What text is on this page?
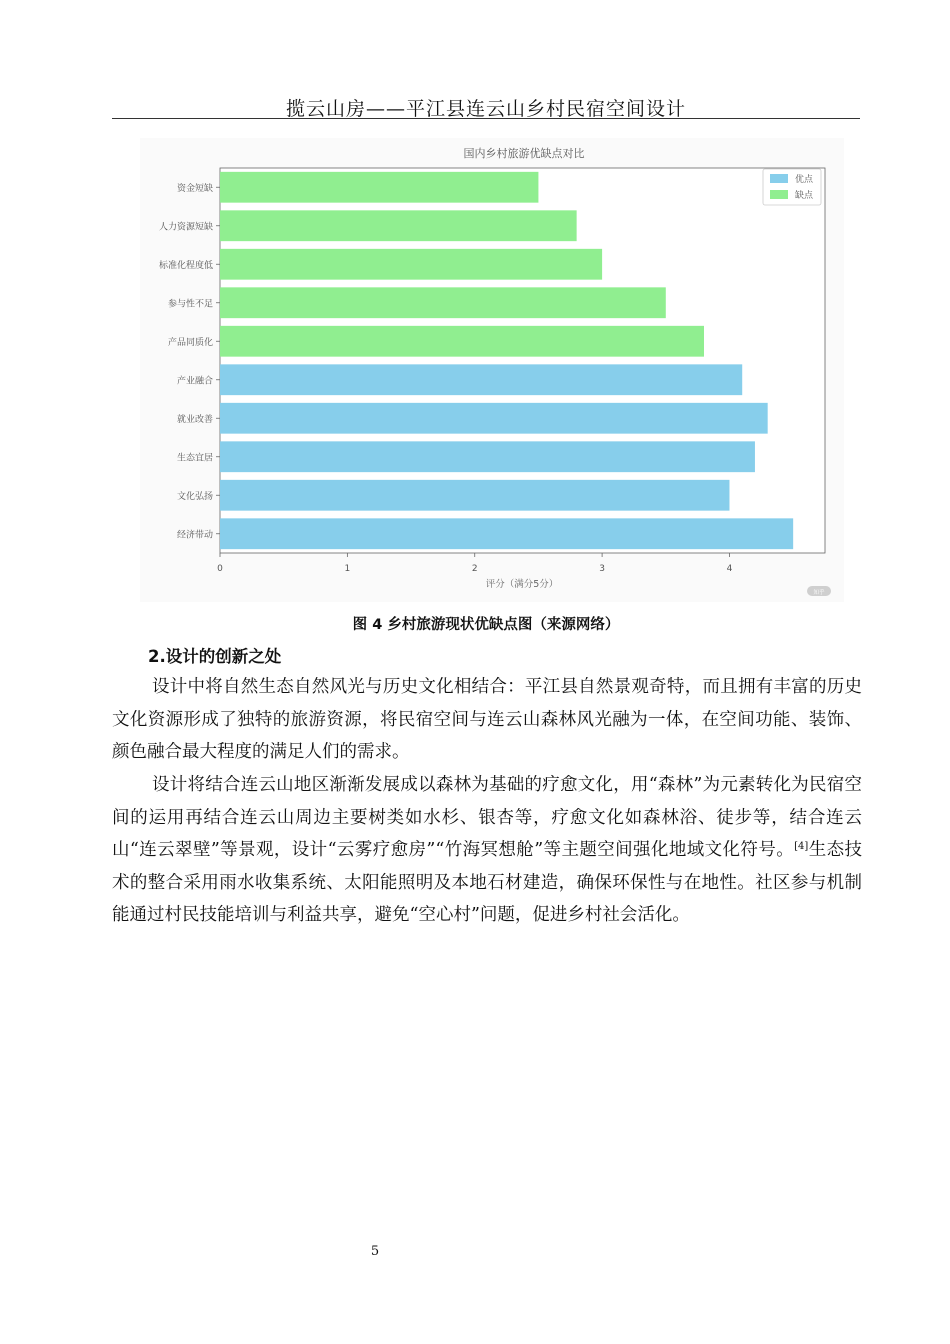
揽云山房——平江县连云山乡村民宿空间设计
国内乡村旅游优缺点对比
资金短缺
人力资源短缺
标准化程度低
参与性不足
产品同质化
产业融合
就业改善
生态宜居
文化弘扬
经济带动
0	1	2	3	4
评分（满分5分）
优点
缺点
知乎
图 4 乡村旅游现状优缺点图（来源网络）
2.设计的创新之处

设计中将自然生态自然风光与历史文化相结合：平江县自然景观奇特，而且拥有丰富的历史文化资源形成了独特的旅游资源，将民宿空间与连云山森林风光融为一体，在空间功能、装饰、颜色融合最大程度的满足人们的需求。

设计将结合连云山地区渐渐发展成以森林为基础的疗愈文化，用“森林”为元素转化为民宿空间的运用再结合连云山周边主要树类如水杉、银杏等，疗愈文化如森林浴、徒步等，结合连云山“连云翠壁”等景观，设计“云雾疗愈房”“竹海冥想舱”等主题空间强化地域文化符号。[4]生态技术的整合采用雨水收集系统、太阳能照明及本地石材建造，确保环保性与在地性。社区参与机制能通过村民技能培训与利益共享，避免“空心村”问题，促进乡村社会活化。

5
